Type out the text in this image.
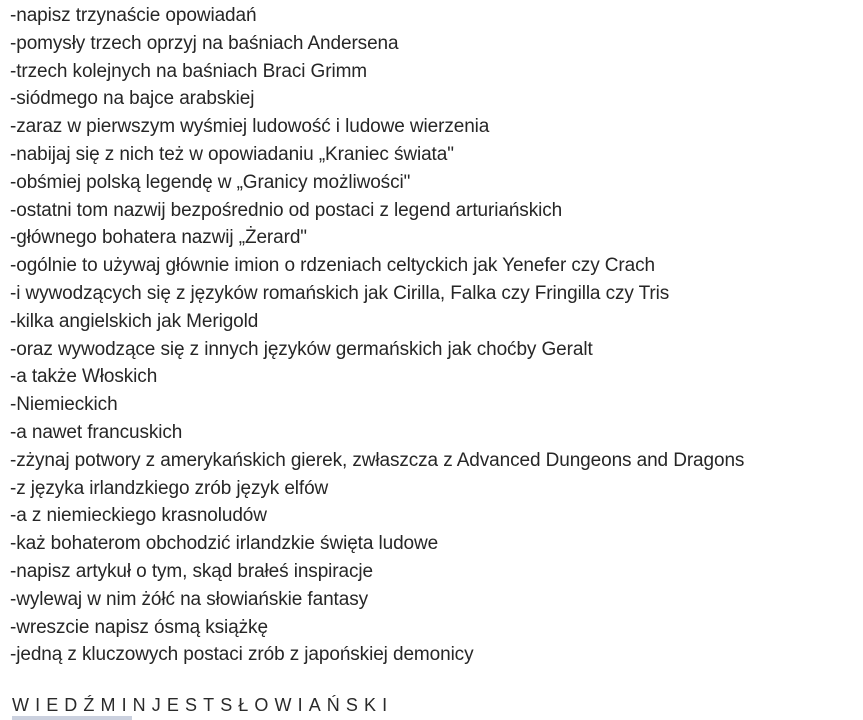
-napisz trzynaście opowiadań
-pomysły trzech oprzyj na baśniach Andersena
-trzech kolejnych na baśniach Braci Grimm
-siódmego na bajce arabskiej
-zaraz w pierwszym wyśmiej ludowość i ludowe wierzenia
-nabijaj się z nich też w opowiadaniu „Kraniec świata"
-obśmiej polską legendę w „Granicy możliwości"
-ostatni tom nazwij bezpośrednio od postaci z legend arturiańskich
-głównego bohatera nazwij „Żerard"
-ogólnie to używaj głównie imion o rdzeniach celtyckich jak Yenefer czy Crach
-i wywodzących się z języków romańskich jak Cirilla, Falka czy Fringilla czy Tris
-kilka angielskich jak Merigold
-oraz wywodzące się z innych języków germańskich jak choćby Geralt
-a także Włoskich
-Niemieckich
-a nawet francuskich
-zżynaj potwory z amerykańskich gierek, zwłaszcza z Advanced Dungeons and Dragons
-z języka irlandzkiego zrób język elfów
-a z niemieckiego krasnoludów
-każ bohaterom obchodzić irlandzkie święta ludowe
-napisz artykuł o tym, skąd brałeś inspiracje
-wylewaj w nim żółć na słowiańskie fantasy
-wreszcie napisz ósmą książkę
-jedną z kluczowych postaci zrób z japońskiej demonicy
WIEDŹMINJESTSŁOWIAŃSKI
